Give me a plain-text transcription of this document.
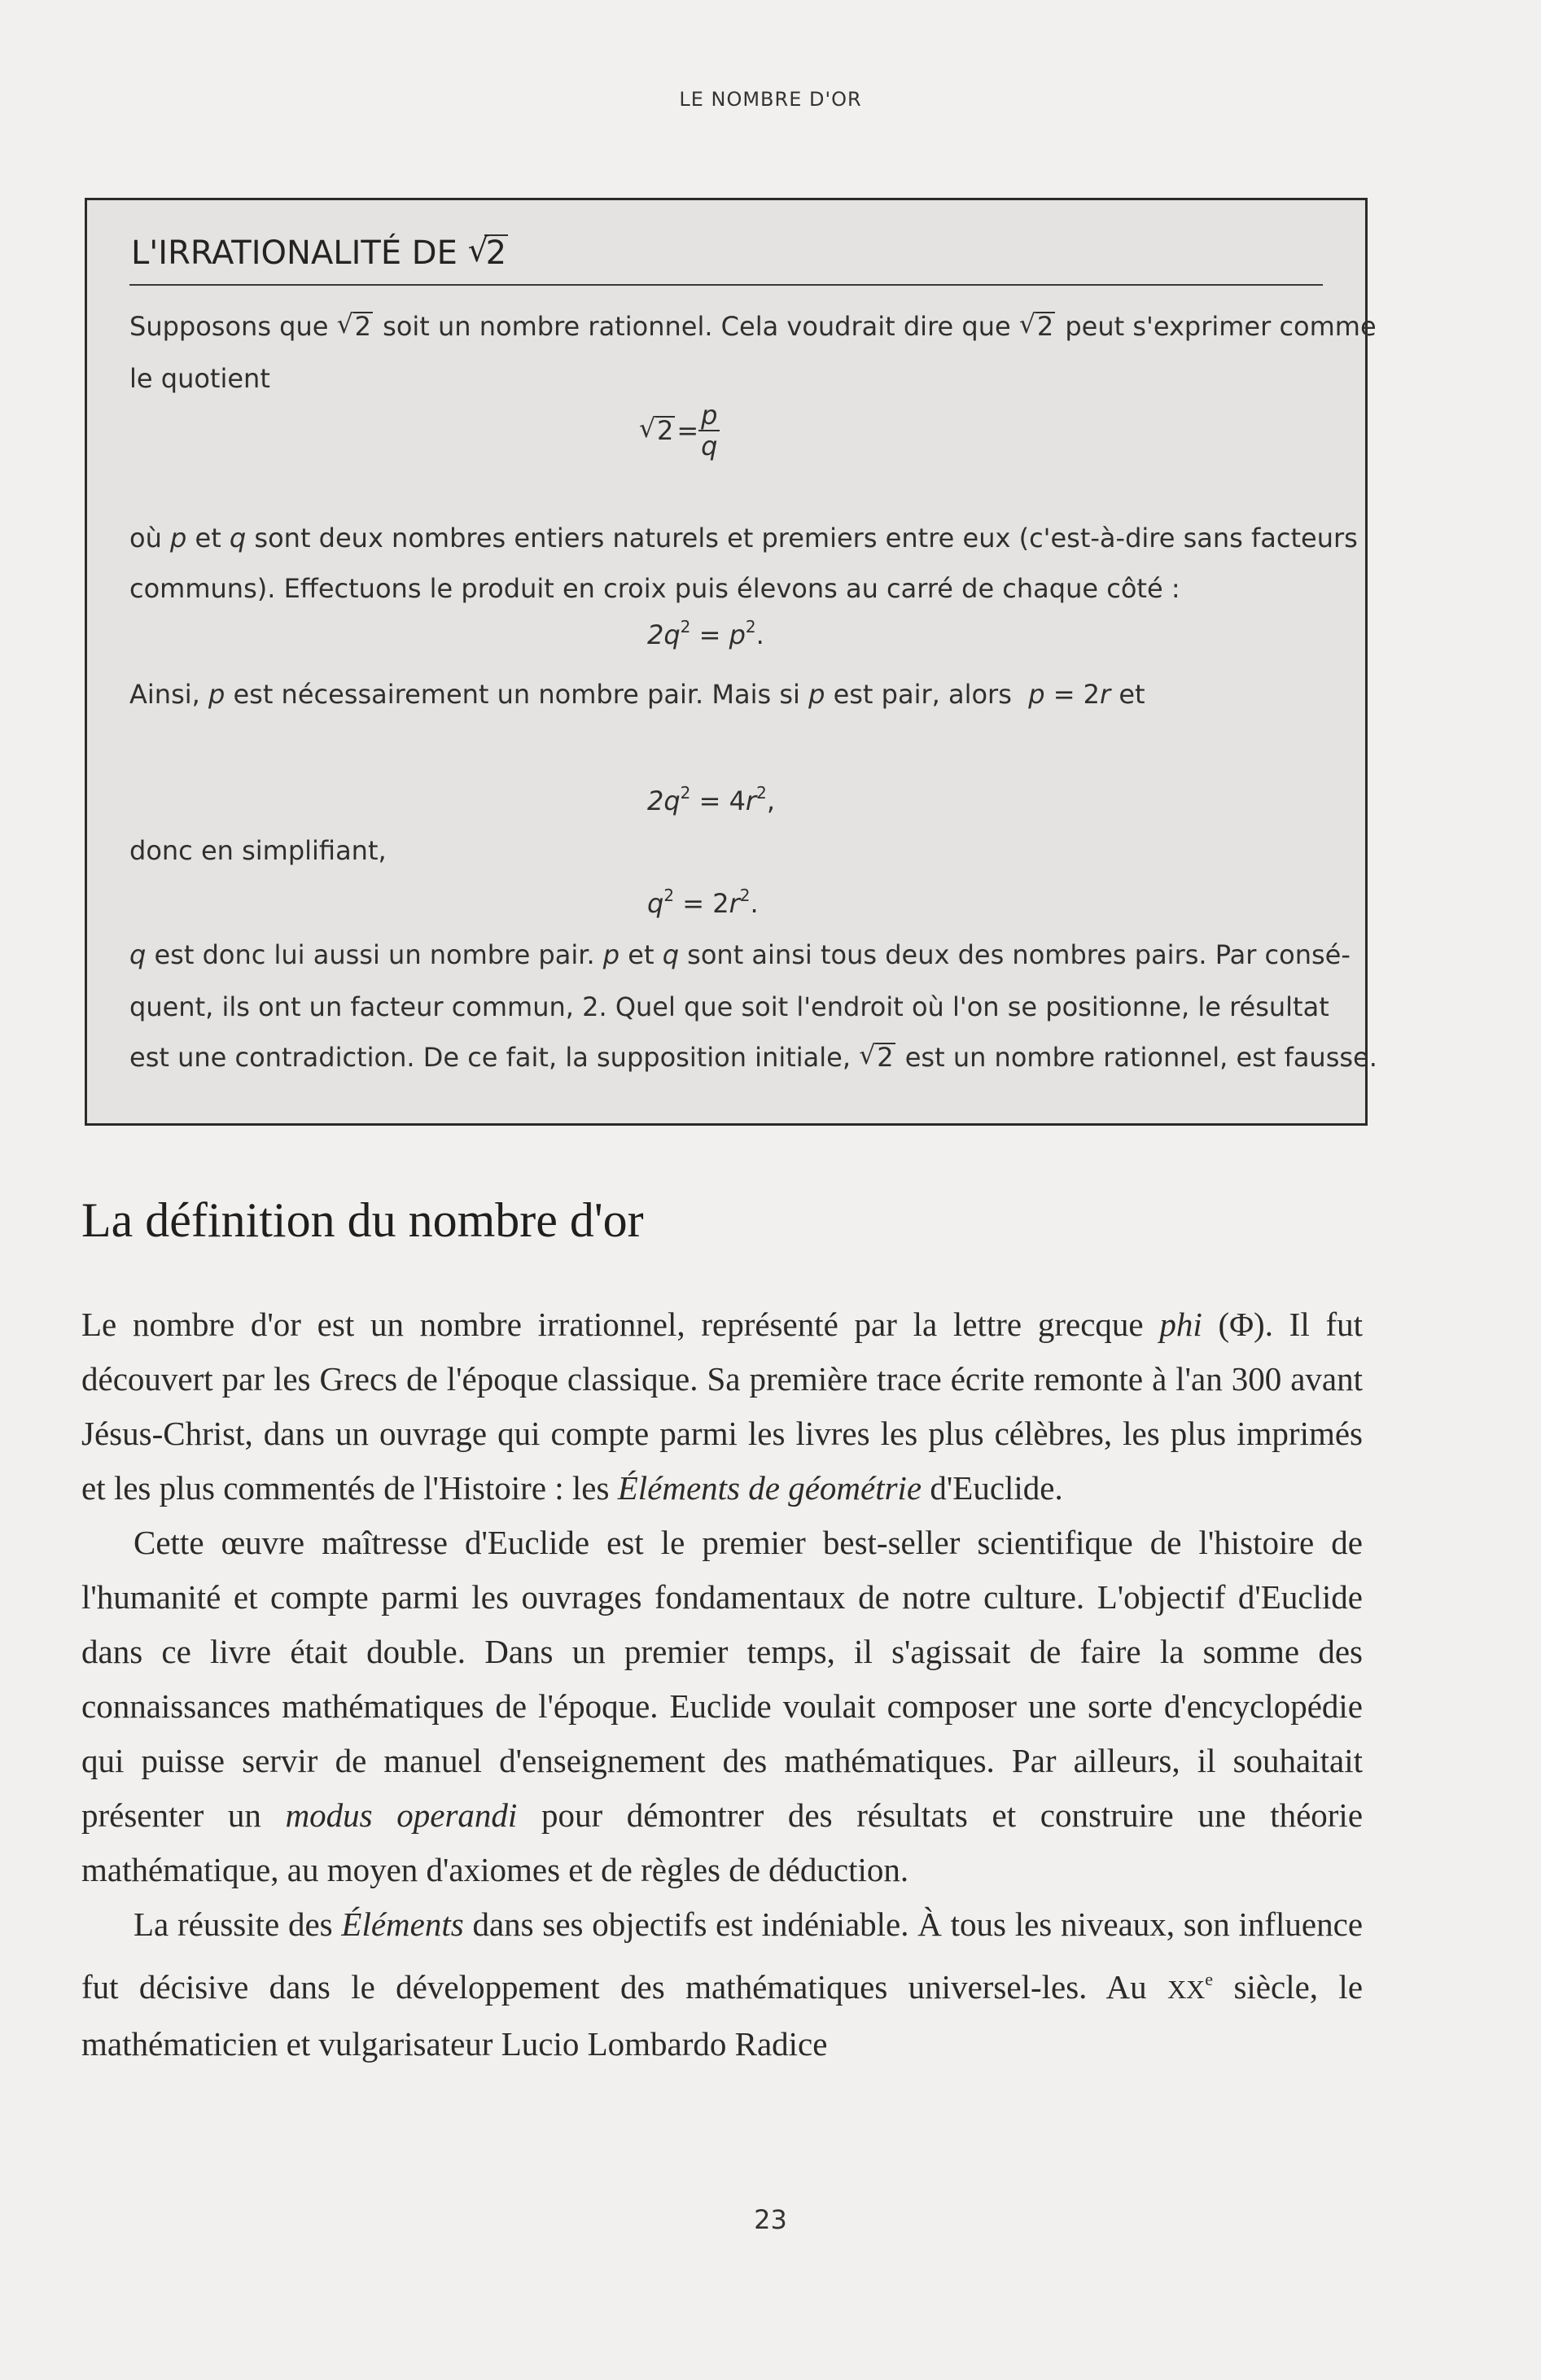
LE NOMBRE D'OR
L'IRRATIONALITÉ DE √ 2
Supposons que √ 2 soit un nombre rationnel. Cela voudrait dire que √ 2 peut s'exprimer comme
le quotient
√ $2 = \frac{p}{q}$
où p et q sont deux nombres entiers naturels et premiers entre eux (c'est-à-dire sans facteurs
communs). Effectuons le produit en croix puis élevons au carré de chaque côté :
$2q^2 = p^2$.
Ainsi, p est nécessairement un nombre pair. Mais si p est pair, alors p = 2r et
$2q^2 = 4r^2$,
donc en simplifiant,
$q^2 = 2r^2$.
q est donc lui aussi un nombre pair. p et q sont ainsi tous deux des nombres pairs. Par consé-
quent, ils ont un facteur commun, 2. Quel que soit l'endroit où l'on se positionne, le résultat
est une contradiction. De ce fait, la supposition initiale, √ 2 est un nombre rationnel, est fausse.
La définition du nombre d'or

Le nombre d'or est un nombre irrationnel, représenté par la lettre grecque phi (Φ). Il fut découvert par les Grecs de l'époque classique. Sa première trace écrite remonte à l'an 300 avant Jésus-Christ, dans un ouvrage qui compte parmi les livres les plus célèbres, les plus imprimés et les plus commentés de l'Histoire : les Éléments de géométrie d'Euclide.

Cette œuvre maîtresse d'Euclide est le premier best-seller scientifique de l'histoire de l'humanité et compte parmi les ouvrages fondamentaux de notre culture. L'objectif d'Euclide dans ce livre était double. Dans un premier temps, il s'agissait de faire la somme des connaissances mathématiques de l'époque. Euclide voulait composer une sorte d'encyclopédie qui puisse servir de manuel d'enseignement des mathématiques. Par ailleurs, il souhaitait présenter un modus operandi pour démontrer des résultats et construire une théorie mathématique, au moyen d'axiomes et de règles de déduction.

La réussite des Éléments dans ses objectifs est indéniable. À tous les niveaux, son influence fut décisive dans le développement des mathématiques universel-les. Au XXe siècle, le mathématicien et vulgarisateur Lucio Lombardo Radice

23
